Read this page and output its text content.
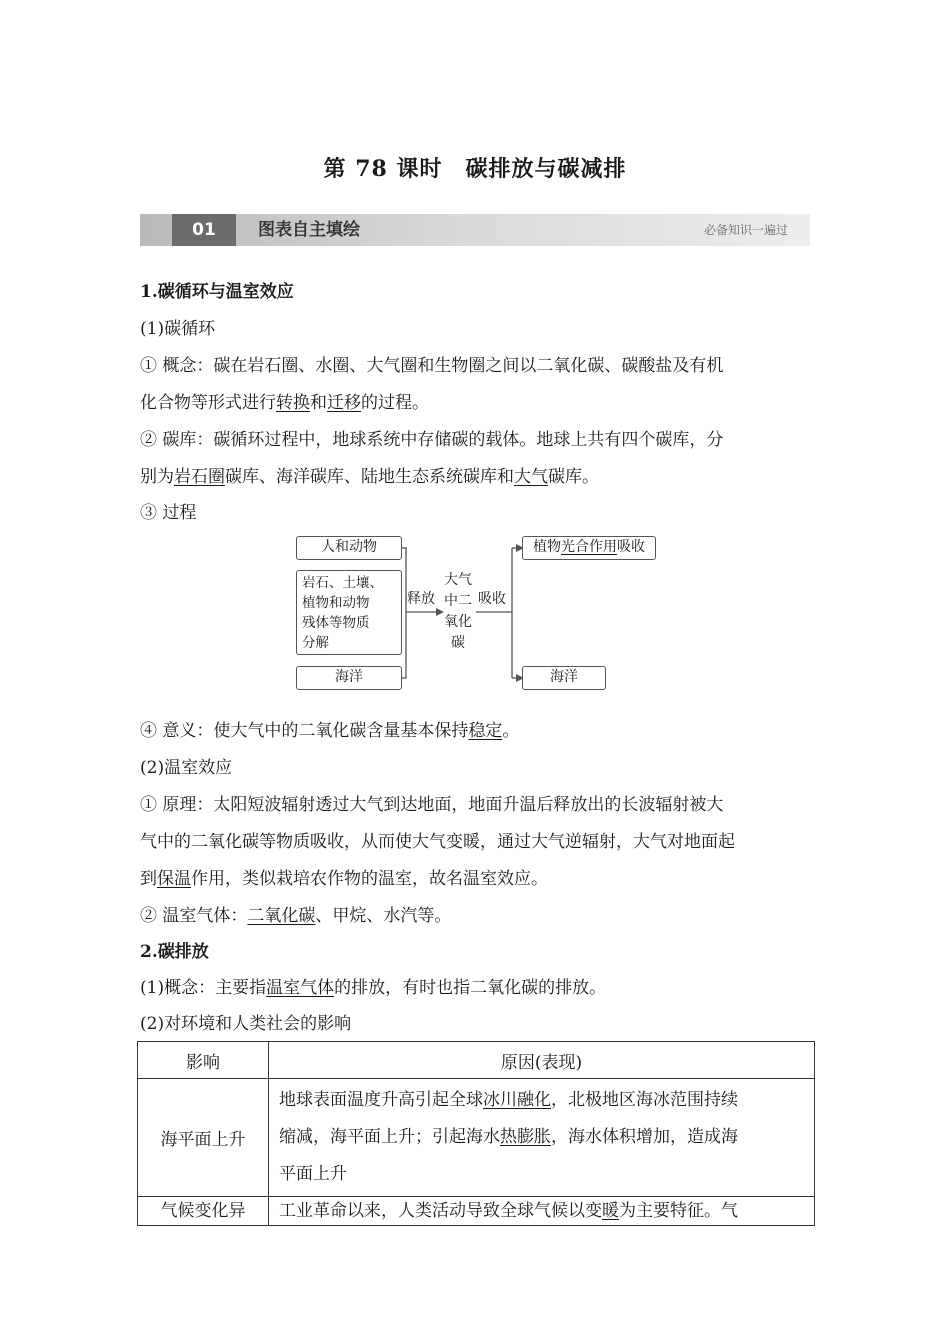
第 78 课时　碳排放与碳减排
01	图表自主填绘	必备知识一遍过
1.碳循环与温室效应
(1)碳循环
① 概念：碳在岩石圈、水圈、大气圈和生物圈之间以二氧化碳、碳酸盐及有机
化合物等形式进行转换和迁移的过程。
② 碳库：碳循环过程中，地球系统中存储碳的载体。地球上共有四个碳库，分
别为岩石圈碳库、海洋碳库、陆地生态系统碳库和大气碳库。
③ 过程
人和动物
岩石、土壤、
植物和动物
残体等物质
分解
海洋
释放
大气
中二
氧化
碳
吸收
植物光合作用吸收
海洋
④ 意义：使大气中的二氧化碳含量基本保持稳定。
(2)温室效应
① 原理：太阳短波辐射透过大气到达地面，地面升温后释放出的长波辐射被大
气中的二氧化碳等物质吸收，从而使大气变暖，通过大气逆辐射，大气对地面起
到保温作用，类似栽培农作物的温室，故名温室效应。
② 温室气体：二氧化碳、甲烷、水汽等。
2.碳排放
(1)概念：主要指温室气体的排放，有时也指二氧化碳的排放。
(2)对环境和人类社会的影响
影响	原因(表现)
海平面上升	地球表面温度升高引起全球冰川融化，北极地区海冰范围持续
缩减，海平面上升；引起海水热膨胀，海水体积增加，造成海
平面上升

气候变化异	工业革命以来，人类活动导致全球气候以变暖为主要特征。气
